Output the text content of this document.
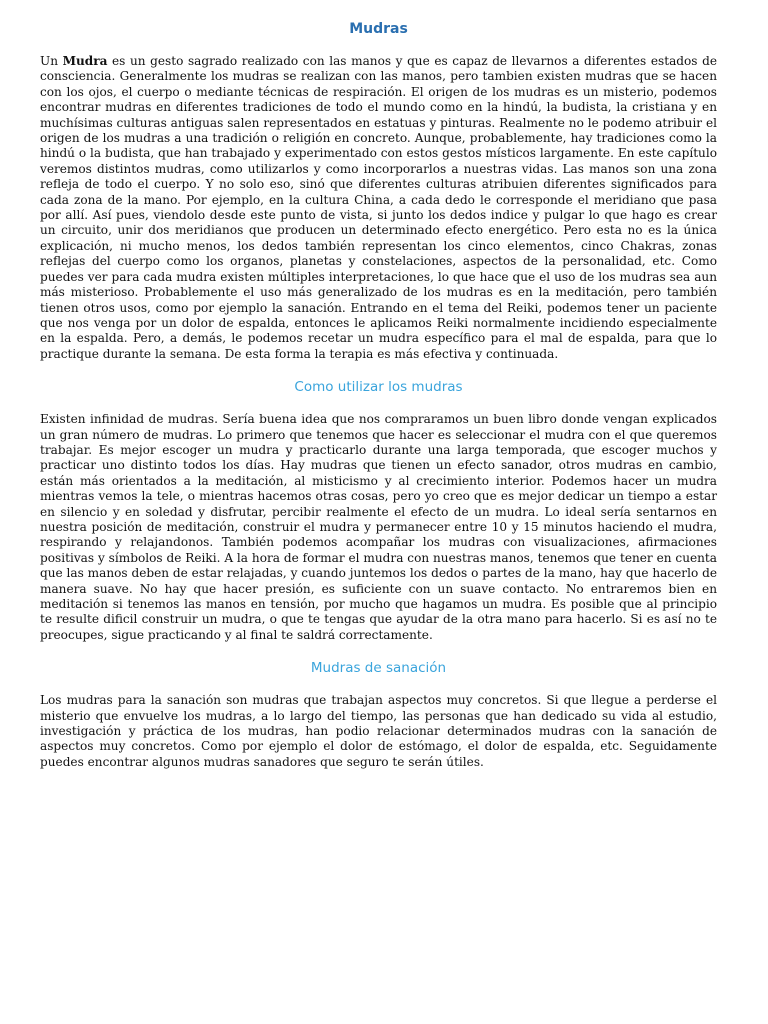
Mudras

Un Mudra es un gesto sagrado realizado con las manos y que es capaz de llevarnos a diferentes estados de consciencia. Generalmente los mudras se realizan con las manos, pero tambien existen mudras que se hacen con los ojos, el cuerpo o mediante técnicas de respiración. El origen de los mudras es un misterio, podemos encontrar mudras en diferentes tradiciones de todo el mundo como en la hindú, la budista, la cristiana y en muchísimas culturas antiguas salen representados en estatuas y pinturas. Realmente no le podemo atribuir el origen de los mudras a una tradición o religión en concreto. Aunque, probablemente, hay tradiciones como la hindú o la budista, que han trabajado y experimentado con estos gestos místicos largamente. En este capítulo veremos distintos mudras, como utilizarlos y como incorporarlos a nuestras vidas. Las manos son una zona refleja de todo el cuerpo. Y no solo eso, sinó que diferentes culturas atribuien diferentes significados para cada zona de la mano. Por ejemplo, en la cultura China, a cada dedo le corresponde el meridiano que pasa por allí. Así pues, viendolo desde este punto de vista, si junto los dedos indice y pulgar lo que hago es crear un circuito, unir dos meridianos que producen un determinado efecto energético. Pero esta no es la única explicación, ni mucho menos, los dedos también representan los cinco elementos, cinco Chakras, zonas reflejas del cuerpo como los organos, planetas y constelaciones, aspectos de la personalidad, etc. Como puedes ver para cada mudra existen múltiples interpretaciones, lo que hace que el uso de los mudras sea aun más misterioso. Probablemente el uso más generalizado de los mudras es en la meditación, pero también tienen otros usos, como por ejemplo la sanación. Entrando en el tema del Reiki, podemos tener un paciente que nos venga por un dolor de espalda, entonces le aplicamos Reiki normalmente incidiendo especialmente en la espalda. Pero, a demás, le podemos recetar un mudra específico para el mal de espalda, para que lo practique durante la semana. De esta forma la terapia es más efectiva y continuada.

Como utilizar los mudras

Existen infinidad de mudras. Sería buena idea que nos compraramos un buen libro donde vengan explicados un gran número de mudras. Lo primero que tenemos que hacer es seleccionar el mudra con el que queremos trabajar. Es mejor escoger un mudra y practicarlo durante una larga temporada, que escoger muchos y practicar uno distinto todos los días. Hay mudras que tienen un efecto sanador, otros mudras en cambio, están más orientados a la meditación, al misticismo y al crecimiento interior. Podemos hacer un mudra mientras vemos la tele, o mientras hacemos otras cosas, pero yo creo que es mejor dedicar un tiempo a estar en silencio y en soledad y disfrutar, percibir realmente el efecto de un mudra. Lo ideal sería sentarnos en nuestra posición de meditación, construir el mudra y permanecer entre 10 y 15 minutos haciendo el mudra, respirando y relajandonos. También podemos acompañar los mudras con visualizaciones, afirmaciones positivas y símbolos de Reiki. A la hora de formar el mudra con nuestras manos, tenemos que tener en cuenta que las manos deben de estar relajadas, y cuando juntemos los dedos o partes de la mano, hay que hacerlo de manera suave. No hay que hacer presión, es suficiente con un suave contacto. No entraremos bien en meditación si tenemos las manos en tensión, por mucho que hagamos un mudra. Es posible que al principio te resulte dificil construir un mudra, o que te tengas que ayudar de la otra mano para hacerlo. Si es así no te preocupes, sigue practicando y al final te saldrá correctamente.

Mudras de sanación

Los mudras para la sanación son mudras que trabajan aspectos muy concretos. Si que llegue a perderse el misterio que envuelve los mudras, a lo largo del tiempo, las personas que han dedicado su vida al estudio, investigación y práctica de los mudras, han podio relacionar determinados mudras con la sanación de aspectos muy concretos. Como por ejemplo el dolor de estómago, el dolor de espalda, etc. Seguidamente puedes encontrar algunos mudras sanadores que seguro te serán útiles.
